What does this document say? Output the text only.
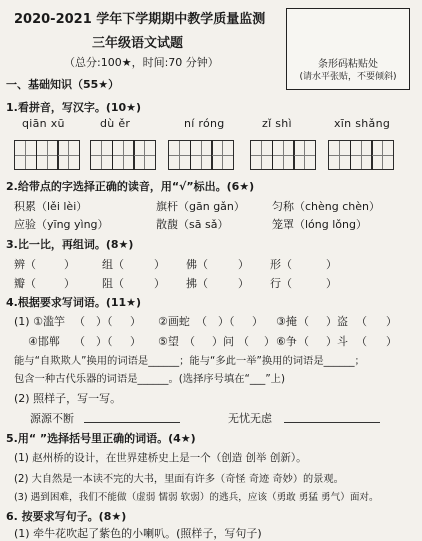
2020-2021 学年下学期期中教学质量监测
三年级语文试题
（总分:100★，时间:70 分钟）	条形码粘贴处
(请水平张贴，不要倾斜)
一、基础知识（55★）
1.看拼音，写汉字。(10★)
qiān xū	dù ěr	ní róng	zǐ shì	xīn shǎng
2.给带点的字选择正确的读音，用“√”标出。(6★)
积累（lěi lèi）	旗杆（gān gǎn） 匀称（chèng chèn）
应验（yīng yìng）	散馥（sā sǎ）	笼罩（lóng lǒng）
3.比一比，再组词。(8★)
辨（	） 组（	） 佛（	） 形（	）
瓣（	） 阻（	） 拂（	） 行（	）
4.根据要求写词语。(11★)
(1) ①滥竽 （ ）（ ） ②画蛇 （ ）（ ） ③掩 （ ）盗 （ ）
④邯郸 （ ）（ ） ⑤望 （ ）问 （ ） ⑥争 （ ）斗 （ ）
能与“自欺欺人”换用的词语是______；能与“多此一举”换用的词语是______；
包含一种古代乐器的词语是______。(选择序号填在“___”上)
(2) 照样子，写一写。
源源不断	无忧无虑
5.用“ ”选择括号里正确的词语。(4★)
(1) 赵州桥的设计，在世界建桥史上是一个（创造 创举 创新）。
(2) 大自然是一本读不完的大书，里面有许多（奇怪 奇迹 奇妙）的景观。
(3) 遇到困难，我们不能做（虚弱 懦弱 软弱）的逃兵，应该（勇敢 勇猛 勇气）面对。
6. 按要求写句子。(8★)
(1) 牵牛花吹起了紫色的小喇叭。(照样子，写句子)
